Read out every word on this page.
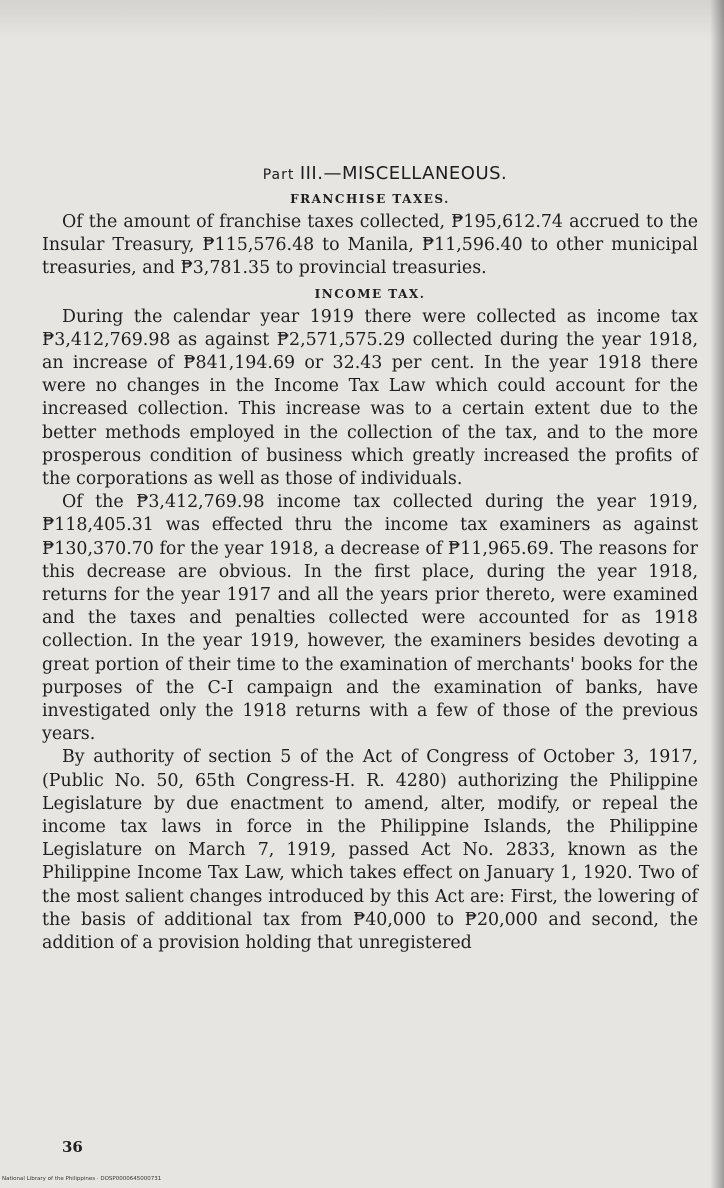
Part III.—MISCELLANEOUS.
FRANCHISE TAXES.

Of the amount of franchise taxes collected, ₱195,612.74 accrued to the Insular Treasury, ₱115,576.48 to Manila, ₱11,596.40 to other municipal treasuries, and ₱3,781.35 to provincial treasuries.

INCOME TAX.

During the calendar year 1919 there were collected as income tax ₱3,412,769.98 as against ₱2,571,575.29 collected during the year 1918, an increase of ₱841,194.69 or 32.43 per cent. In the year 1918 there were no changes in the Income Tax Law which could account for the increased collection. This increase was to a certain extent due to the better methods employed in the collection of the tax, and to the more prosperous condition of business which greatly increased the profits of the corporations as well as those of individuals.

Of the ₱3,412,769.98 income tax collected during the year 1919, ₱118,405.31 was effected thru the income tax examiners as against ₱130,370.70 for the year 1918, a decrease of ₱11,965.69. The reasons for this decrease are obvious. In the first place, during the year 1918, returns for the year 1917 and all the years prior thereto, were examined and the taxes and penalties collected were accounted for as 1918 collection. In the year 1919, however, the examiners besides devoting a great portion of their time to the examination of merchants' books for the purposes of the C-I campaign and the examination of banks, have investigated only the 1918 returns with a few of those of the previous years.

By authority of section 5 of the Act of Congress of October 3, 1917, (Public No. 50, 65th Congress-H. R. 4280) authorizing the Philippine Legislature by due enactment to amend, alter, modify, or repeal the income tax laws in force in the Philippine Islands, the Philippine Legislature on March 7, 1919, passed Act No. 2833, known as the Philippine Income Tax Law, which takes effect on January 1, 1920. Two of the most salient changes introduced by this Act are: First, the lowering of the basis of additional tax from ₱40,000 to ₱20,000 and second, the addition of a provision holding that unregistered

36
National Library of the Philippines · DOSP0000645000731
